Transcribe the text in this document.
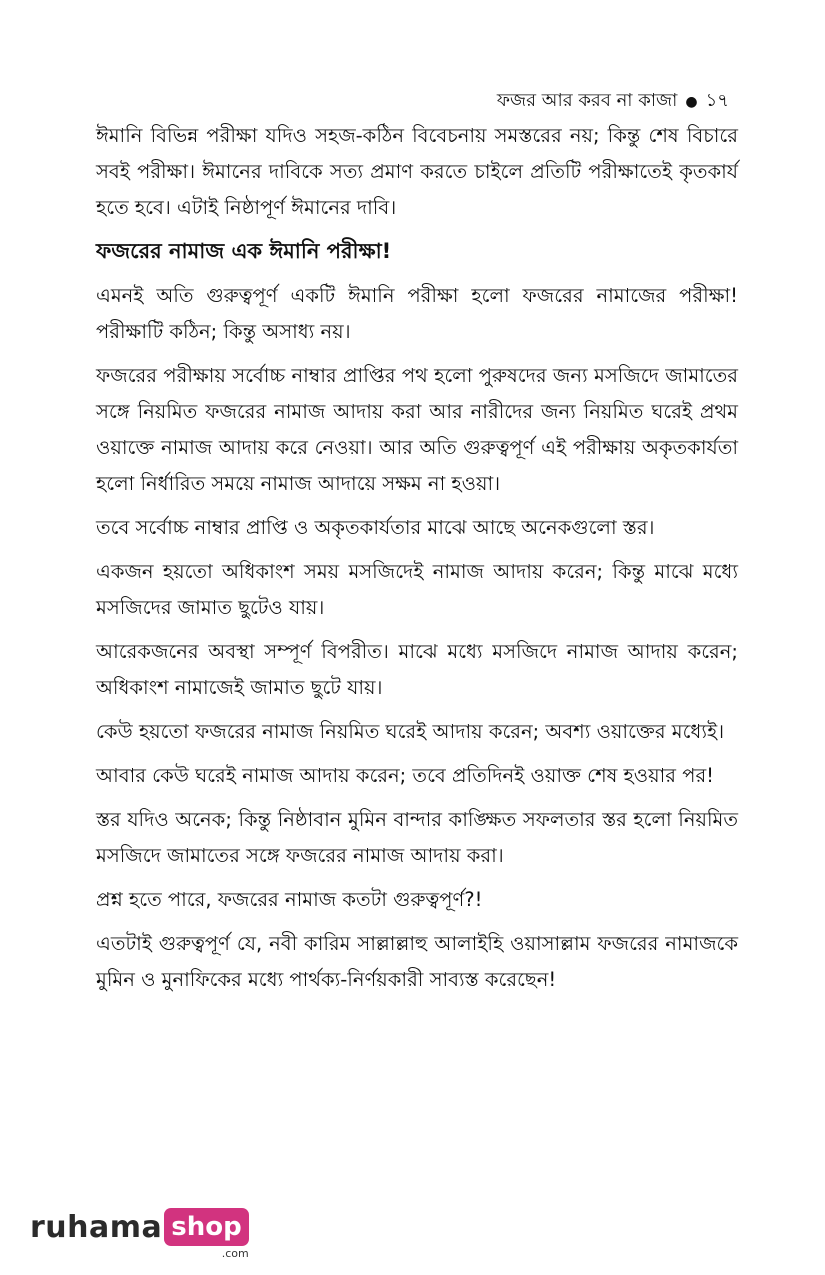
ফজর আর করব না কাজা ● ১৭

ঈমানি বিভিন্ন পরীক্ষা যদিও সহজ-কঠিন বিবেচনায় সমস্তরের নয়; কিন্তু শেষ বিচারে সবই পরীক্ষা। ঈমানের দাবিকে সত্য প্রমাণ করতে চাইলে প্রতিটি পরীক্ষাতেই কৃতকার্য হতে হবে। এটাই নিষ্ঠাপূর্ণ ঈমানের দাবি।

ফজরের নামাজ এক ঈমানি পরীক্ষা!

এমনই অতি গুরুত্বপূর্ণ একটি ঈমানি পরীক্ষা হলো ফজরের নামাজের পরীক্ষা! পরীক্ষাটি কঠিন; কিন্তু অসাধ্য নয়।

ফজরের পরীক্ষায় সর্বোচ্চ নাম্বার প্রাপ্তির পথ হলো পুরুষদের জন্য মসজিদে জামাতের সঙ্গে নিয়মিত ফজরের নামাজ আদায় করা আর নারীদের জন্য নিয়মিত ঘরেই প্রথম ওয়াক্তে নামাজ আদায় করে নেওয়া। আর অতি গুরুত্বপূর্ণ এই পরীক্ষায় অকৃতকার্যতা হলো নির্ধারিত সময়ে নামাজ আদায়ে সক্ষম না হওয়া।

তবে সর্বোচ্চ নাম্বার প্রাপ্তি ও অকৃতকার্যতার মাঝে আছে অনেকগুলো স্তর।

একজন হয়তো অধিকাংশ সময় মসজিদেই নামাজ আদায় করেন; কিন্তু মাঝে মধ্যে মসজিদের জামাত ছুটেও যায়।

আরেকজনের অবস্থা সম্পূর্ণ বিপরীত। মাঝে মধ্যে মসজিদে নামাজ আদায় করেন; অধিকাংশ নামাজেই জামাত ছুটে যায়।

কেউ হয়তো ফজরের নামাজ নিয়মিত ঘরেই আদায় করেন; অবশ্য ওয়াক্তের মধ্যেই।

আবার কেউ ঘরেই নামাজ আদায় করেন; তবে প্রতিদিনই ওয়াক্ত শেষ হওয়ার পর!

স্তর যদিও অনেক; কিন্তু নিষ্ঠাবান মুমিন বান্দার কাঙ্ক্ষিত সফলতার স্তর হলো নিয়মিত মসজিদে জামাতের সঙ্গে ফজরের নামাজ আদায় করা।

প্রশ্ন হতে পারে, ফজরের নামাজ কতটা গুরুত্বপূর্ণ?!

এতটাই গুরুত্বপূর্ণ যে, নবী কারিম সাল্লাল্লাহু আলাইহি ওয়াসাল্লাম ফজরের নামাজকে মুমিন ও মুনাফিকের মধ্যে পার্থক্য-নির্ণয়কারী সাব্যস্ত করেছেন!

ruhama shop
.com
